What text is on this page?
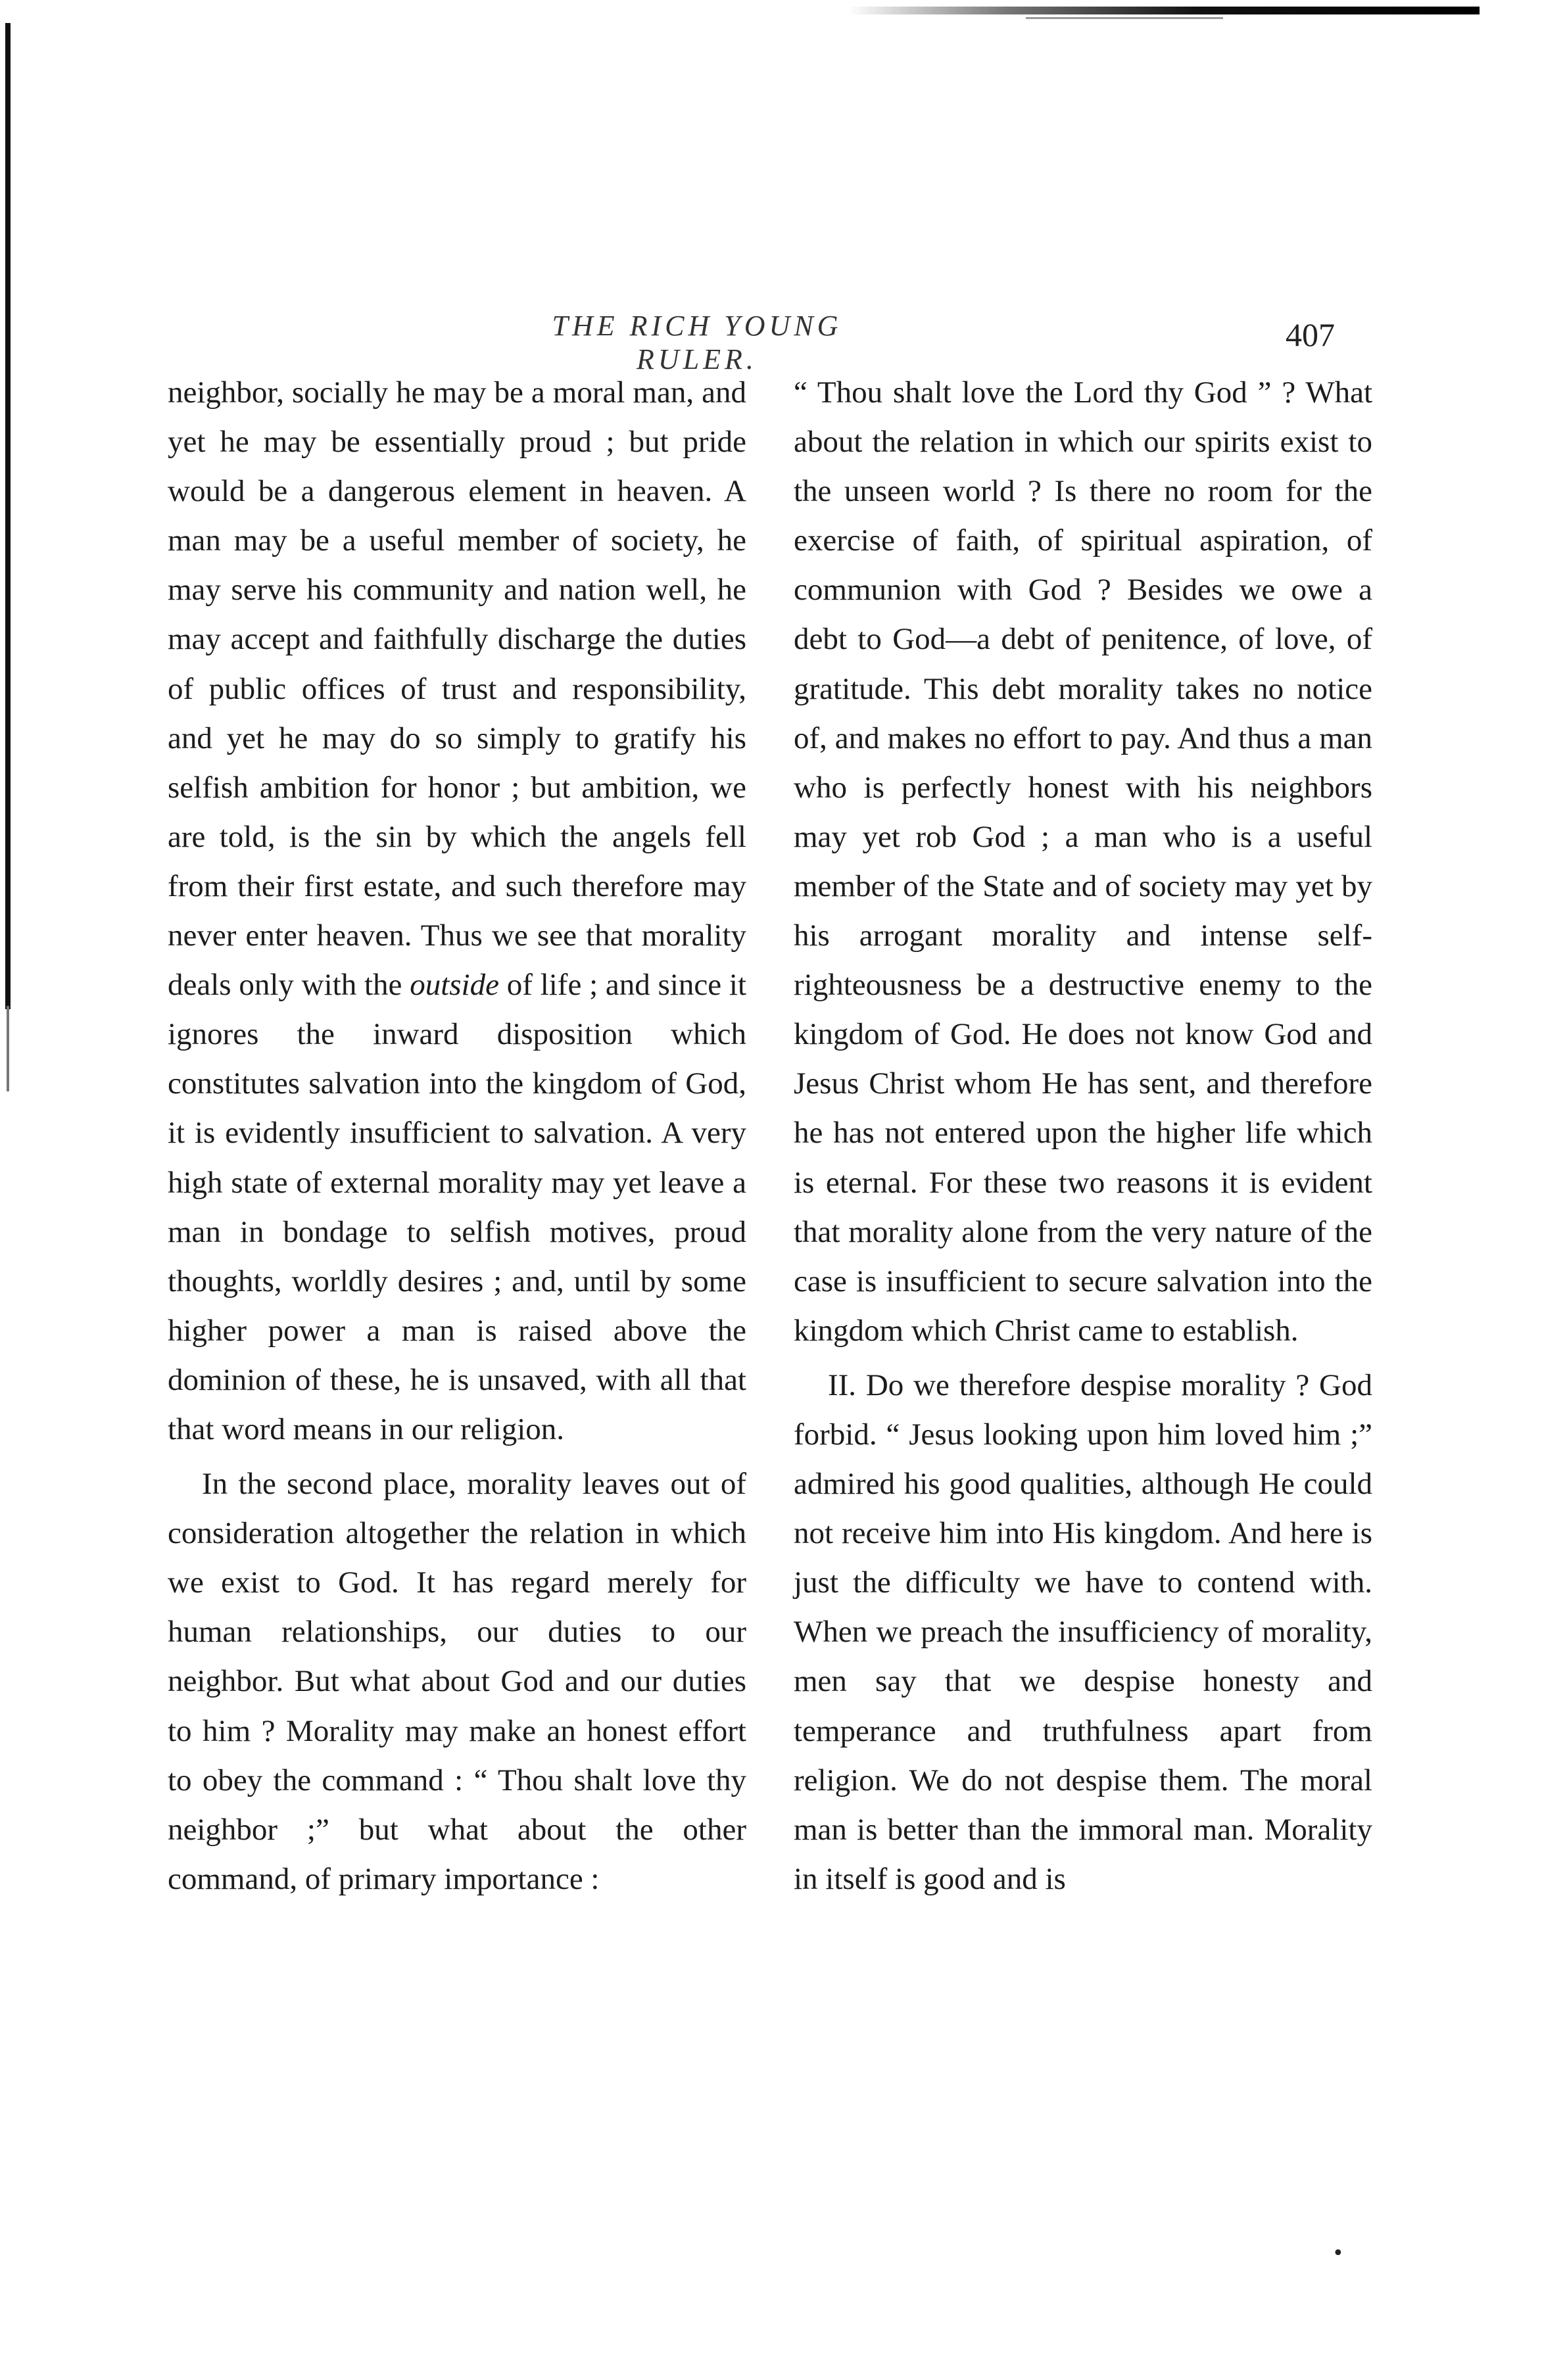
THE RICH YOUNG RULER.
407

neighbor, socially he may be a moral man, and yet he may be essentially proud ; but pride would be a dangerous element in heaven. A man may be a useful member of society, he may serve his community and nation well, he may accept and faithfully discharge the duties of public offices of trust and responsibility, and yet he may do so simply to gratify his selfish ambition for honor ; but ambition, we are told, is the sin by which the angels fell from their first estate, and such therefore may never enter heaven. Thus we see that morality deals only with the outside of life ; and since it ignores the inward disposition which constitutes salvation into the kingdom of God, it is evidently insufficient to salvation. A very high state of external morality may yet leave a man in bondage to selfish motives, proud thoughts, worldly desires ; and, until by some higher power a man is raised above the dominion of these, he is unsaved, with all that that word means in our religion.

In the second place, morality leaves out of consideration altogether the relation in which we exist to God. It has regard merely for human relationships, our duties to our neighbor. But what about God and our duties to him ? Morality may make an honest effort to obey the command : “ Thou shalt love thy neighbor ;” but what about the other command, of primary importance :

“ Thou shalt love the Lord thy God ” ? What about the relation in which our spirits exist to the unseen world ? Is there no room for the exercise of faith, of spiritual aspiration, of communion with God ? Besides we owe a debt to God—a debt of penitence, of love, of gratitude. This debt morality takes no notice of, and makes no effort to pay. And thus a man who is perfectly honest with his neighbors may yet rob God ; a man who is a useful member of the State and of society may yet by his arrogant morality and intense self-righteousness be a destructive enemy to the kingdom of God. He does not know God and Jesus Christ whom He has sent, and therefore he has not entered upon the higher life which is eternal. For these two reasons it is evident that morality alone from the very nature of the case is insufficient to secure salvation into the kingdom which Christ came to establish.

II. Do we therefore despise morality ? God forbid. “ Jesus looking upon him loved him ;” admired his good qualities, although He could not receive him into His kingdom. And here is just the difficulty we have to contend with. When we preach the insufficiency of morality, men say that we despise honesty and temperance and truthfulness apart from religion. We do not despise them. The moral man is better than the immoral man. Morality in itself is good and is

•
